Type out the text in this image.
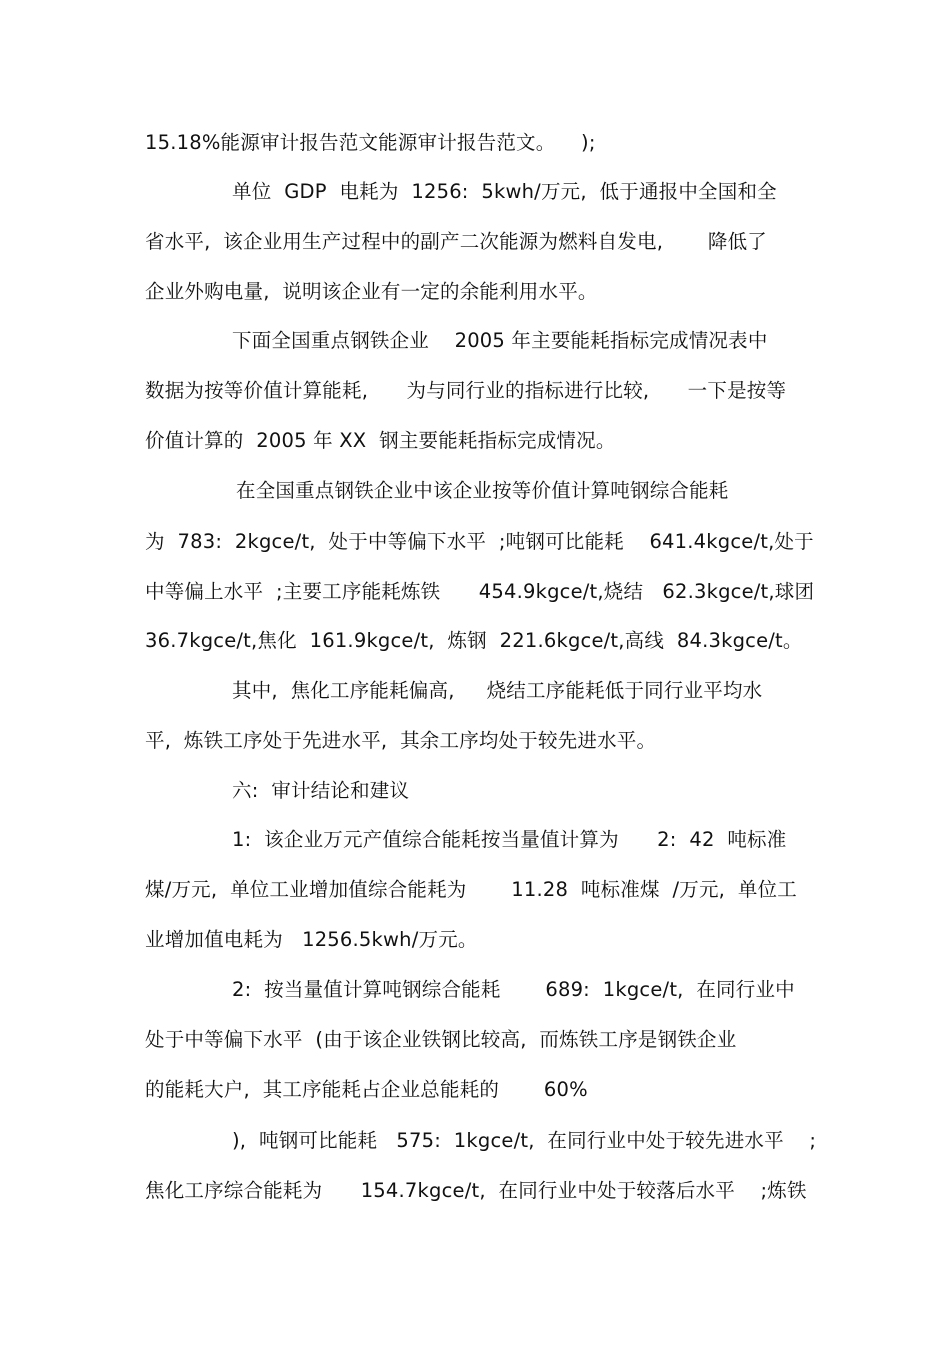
15.18%能源审计报告范文能源审计报告范文。    );
单位  GDP  电耗为  1256:  5kwh/万元,  低于通报中全国和全
省水平,  该企业用生产过程中的副产二次能源为燃料自发电,       降低了
企业外购电量,  说明该企业有一定的余能利用水平。
下面全国重点钢铁企业    2005 年主要能耗指标完成情况表中
数据为按等价值计算能耗,      为与同行业的指标进行比较,      一下是按等
价值计算的  2005 年 XX  钢主要能耗指标完成情况。
在全国重点钢铁企业中该企业按等价值计算吨钢综合能耗
为  783:  2kgce/t,  处于中等偏下水平  ;吨钢可比能耗    641.4kgce/t,处于
中等偏上水平  ;主要工序能耗炼铁      454.9kgce/t,烧结   62.3kgce/t,球团
36.7kgce/t,焦化  161.9kgce/t,  炼钢  221.6kgce/t,高线  84.3kgce/t。
其中,  焦化工序能耗偏高,     烧结工序能耗低于同行业平均水
平,  炼铁工序处于先进水平,  其余工序均处于较先进水平。
六:  审计结论和建议
1:  该企业万元产值综合能耗按当量值计算为      2:  42  吨标准
煤/万元,  单位工业增加值综合能耗为       11.28  吨标准煤  /万元,  单位工
业增加值电耗为   1256.5kwh/万元。
2:  按当量值计算吨钢综合能耗       689:  1kgce/t,  在同行业中
处于中等偏下水平  (由于该企业铁钢比较高,  而炼铁工序是钢铁企业
的能耗大户,  其工序能耗占企业总能耗的       60%
),  吨钢可比能耗   575:  1kgce/t,  在同行业中处于较先进水平    ;
焦化工序综合能耗为      154.7kgce/t,  在同行业中处于较落后水平    ;炼铁
